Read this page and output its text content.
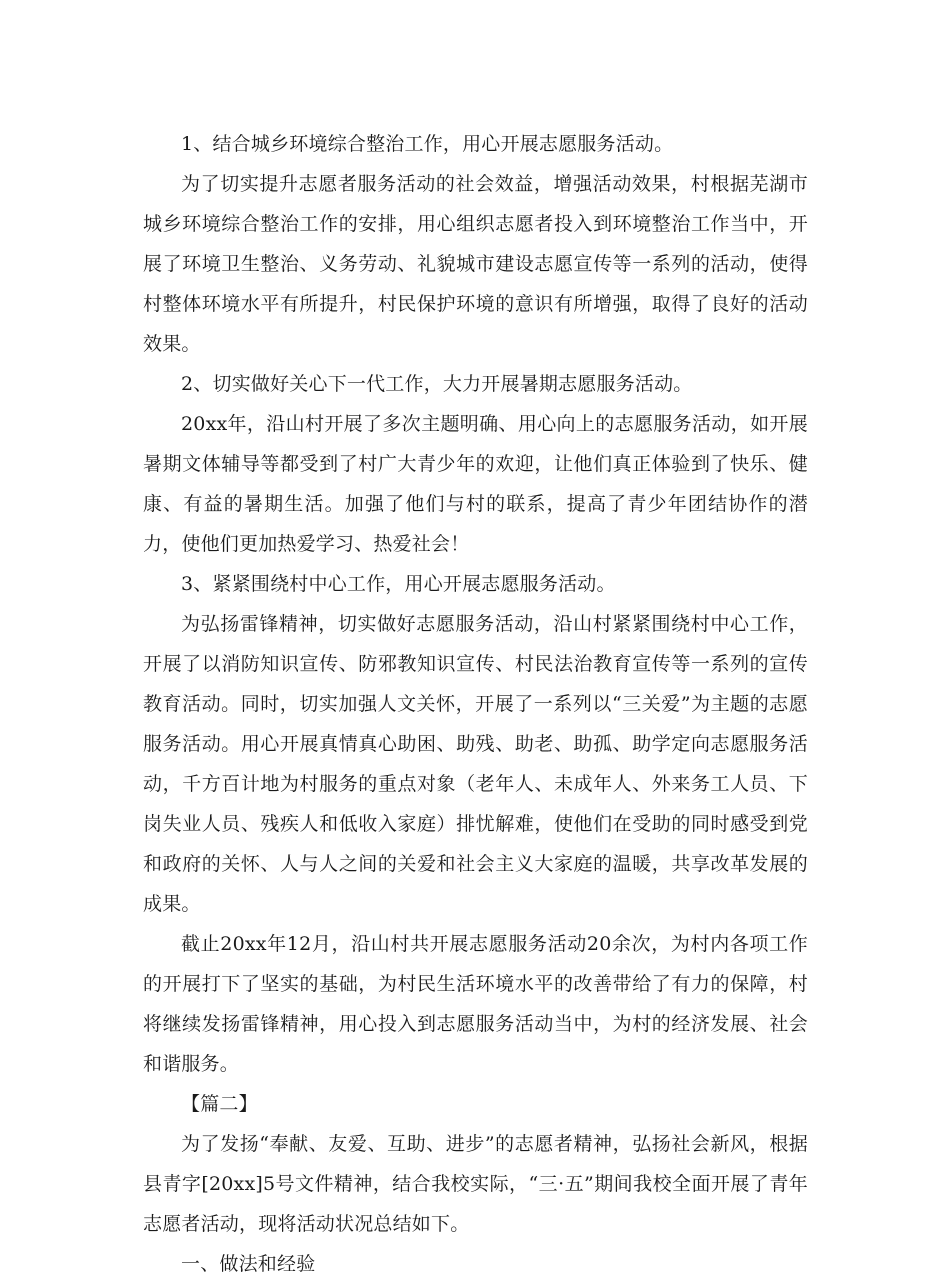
1、结合城乡环境综合整治工作，用心开展志愿服务活动。

为了切实提升志愿者服务活动的社会效益，增强活动效果，村根据芜湖市城乡环境综合整治工作的安排，用心组织志愿者投入到环境整治工作当中，开展了环境卫生整治、义务劳动、礼貌城市建设志愿宣传等一系列的活动，使得村整体环境水平有所提升，村民保护环境的意识有所增强，取得了良好的活动效果。

2、切实做好关心下一代工作，大力开展暑期志愿服务活动。

20xx年，沿山村开展了多次主题明确、用心向上的志愿服务活动，如开展暑期文体辅导等都受到了村广大青少年的欢迎，让他们真正体验到了快乐、健康、有益的暑期生活。加强了他们与村的联系，提高了青少年团结协作的潜力，使他们更加热爱学习、热爱社会！

3、紧紧围绕村中心工作，用心开展志愿服务活动。

为弘扬雷锋精神，切实做好志愿服务活动，沿山村紧紧围绕村中心工作，开展了以消防知识宣传、防邪教知识宣传、村民法治教育宣传等一系列的宣传教育活动。同时，切实加强人文关怀，开展了一系列以“三关爱”为主题的志愿服务活动。用心开展真情真心助困、助残、助老、助孤、助学定向志愿服务活动，千方百计地为村服务的重点对象（老年人、未成年人、外来务工人员、下岗失业人员、残疾人和低收入家庭）排忧解难，使他们在受助的同时感受到党和政府的关怀、人与人之间的关爱和社会主义大家庭的温暖，共享改革发展的成果。

截止20xx年12月，沿山村共开展志愿服务活动20余次，为村内各项工作的开展打下了坚实的基础，为村民生活环境水平的改善带给了有力的保障，村将继续发扬雷锋精神，用心投入到志愿服务活动当中，为村的经济发展、社会和谐服务。

【篇二】

为了发扬“奉献、友爱、互助、进步”的志愿者精神，弘扬社会新风，根据县青字[20xx]5号文件精神，结合我校实际，“三·五”期间我校全面开展了青年志愿者活动，现将活动状况总结如下。

一、做法和经验
